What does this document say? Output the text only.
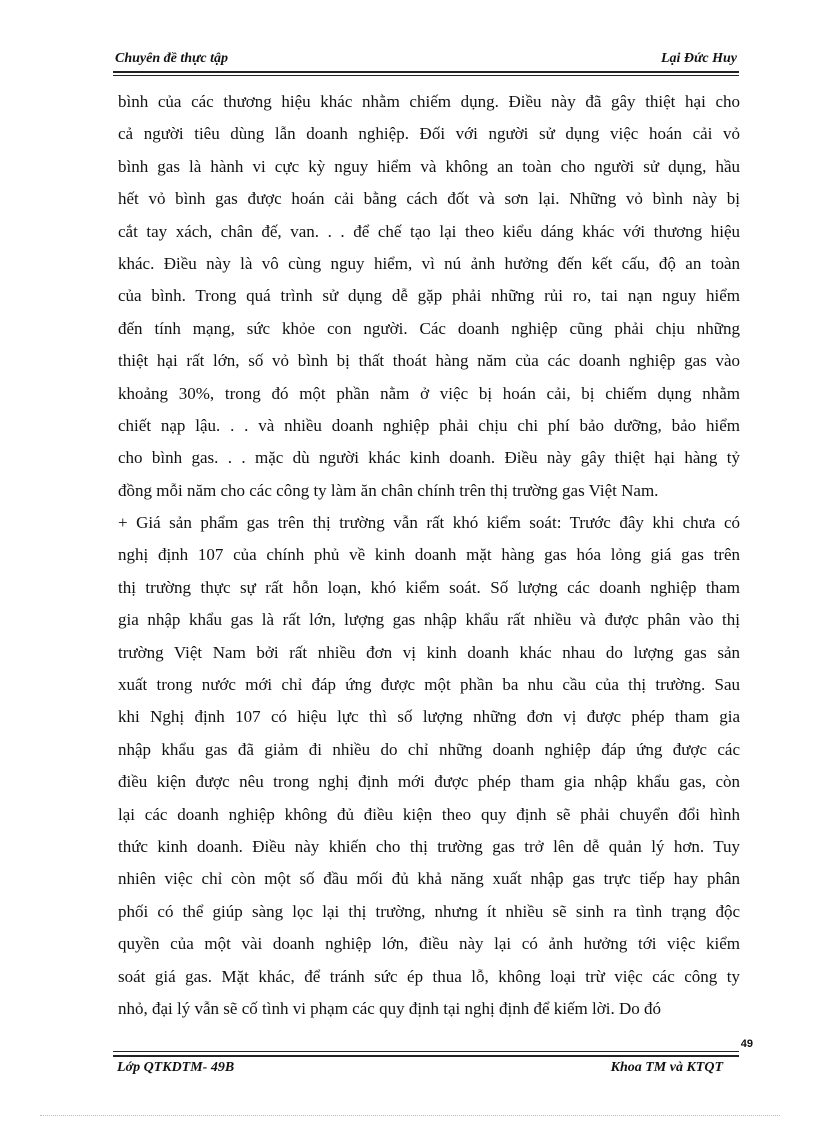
Chuyên đề thực tập	Lại Đức Huy
bình của các thương hiệu khác nhằm chiếm dụng. Điều này đã gây thiệt hại cho
cả người tiêu dùng lẫn doanh nghiệp. Đối với người sử dụng việc hoán cải vỏ
bình gas là hành vi cực kỳ nguy hiểm và không an toàn cho người sử dụng, hầu
hết vỏ bình gas được hoán cải bằng cách đốt và sơn lại. Những vỏ bình này bị
cắt tay xách, chân đế, van. . . để chế tạo lại theo kiểu dáng khác với thương hiệu
khác. Điều này là vô cùng nguy hiểm, vì nú ảnh hưởng đến kết cấu, độ an toàn
của bình. Trong quá trình sử dụng dễ gặp phải những rủi ro, tai nạn nguy hiểm
đến tính mạng, sức khỏe con người. Các doanh nghiệp cũng phải chịu những
thiệt hại rất lớn, số vỏ bình bị thất thoát hàng năm của các doanh nghiệp gas vào
khoảng 30%, trong đó một phần nằm ở việc bị hoán cải, bị chiếm dụng nhằm
chiết nạp lậu. . . và nhiều doanh nghiệp phải chịu chi phí bảo dưỡng, bảo hiểm
cho bình gas. . . mặc dù người khác kinh doanh. Điều này gây thiệt hại hàng tỷ
đồng mỗi năm cho các công ty làm ăn chân chính trên thị trường gas Việt Nam.
+ Giá sản phẩm gas trên thị trường vẫn rất khó kiểm soát: Trước đây khi chưa có
nghị định 107 của chính phủ về kinh doanh mặt hàng gas hóa lỏng giá gas trên
thị trường thực sự rất hỗn loạn, khó kiểm soát. Số lượng các doanh nghiệp tham
gia nhập khẩu gas là rất lớn, lượng gas nhập khẩu rất nhiều và được phân vào thị
trường Việt Nam bởi rất nhiều đơn vị kinh doanh khác nhau do lượng gas sản
xuất trong nước mới chỉ đáp ứng được một phần ba nhu cầu của thị trường. Sau
khi Nghị định 107 có hiệu lực thì số lượng những đơn vị được phép tham gia
nhập khẩu gas đã giảm đi nhiều do chỉ những doanh nghiệp đáp ứng được các
điều kiện được nêu trong nghị định mới được phép tham gia nhập khẩu gas, còn
lại các doanh nghiệp không đủ điều kiện theo quy định sẽ phải chuyển đổi hình
thức kinh doanh. Điều này khiến cho thị trường gas trở lên dễ quản lý hơn. Tuy
nhiên việc chỉ còn một số đầu mối đủ khả năng xuất nhập gas trực tiếp hay phân
phối có thể giúp sàng lọc lại thị trường, nhưng ít nhiều sẽ sinh ra tình trạng độc
quyền của một vài doanh nghiệp lớn, điều này lại có ảnh hưởng tới việc kiểm
soát giá gas. Mặt khác, để tránh sức ép thua lỗ, không loại trừ việc các công ty
nhỏ, đại lý vẫn sẽ cố tình vi phạm các quy định tại nghị định để kiếm lời. Do đó
49
Lớp QTKDTM- 49B	Khoa TM và KTQT
